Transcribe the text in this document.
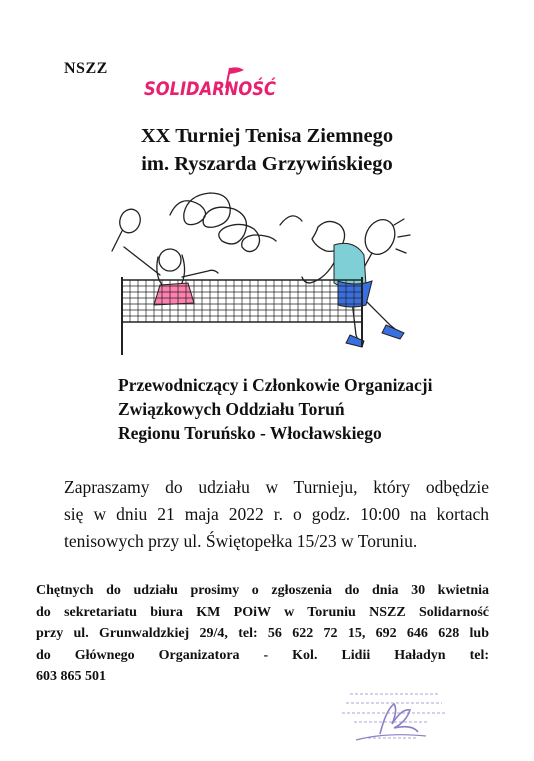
NSZZ
SOLIDARNOŚĆ
XX Turniej Tenisa Ziemnego
im. Ryszarda Grzywińskiego
Przewodniczący i Członkowie Organizacji
Związkowych Oddziału Toruń
Regionu Toruńsko - Włocławskiego
Zapraszamy do udziału w Turnieju, który odbędzie
się w dniu 21 maja 2022 r. o godz. 10:00 na kortach
tenisowych przy ul. Świętopełka 15/23 w Toruniu.
Chętnych do udziału prosimy o zgłoszenia do dnia 30 kwietnia
do sekretariatu biura KM POiW w Toruniu NSZZ Solidarność
przy ul. Grunwaldzkiej 29/4, tel: 56 622 72 15, 692 646 628 lub
do Głównego Organizatora - Kol. Lidii Haładyn tel:
603 865 501
